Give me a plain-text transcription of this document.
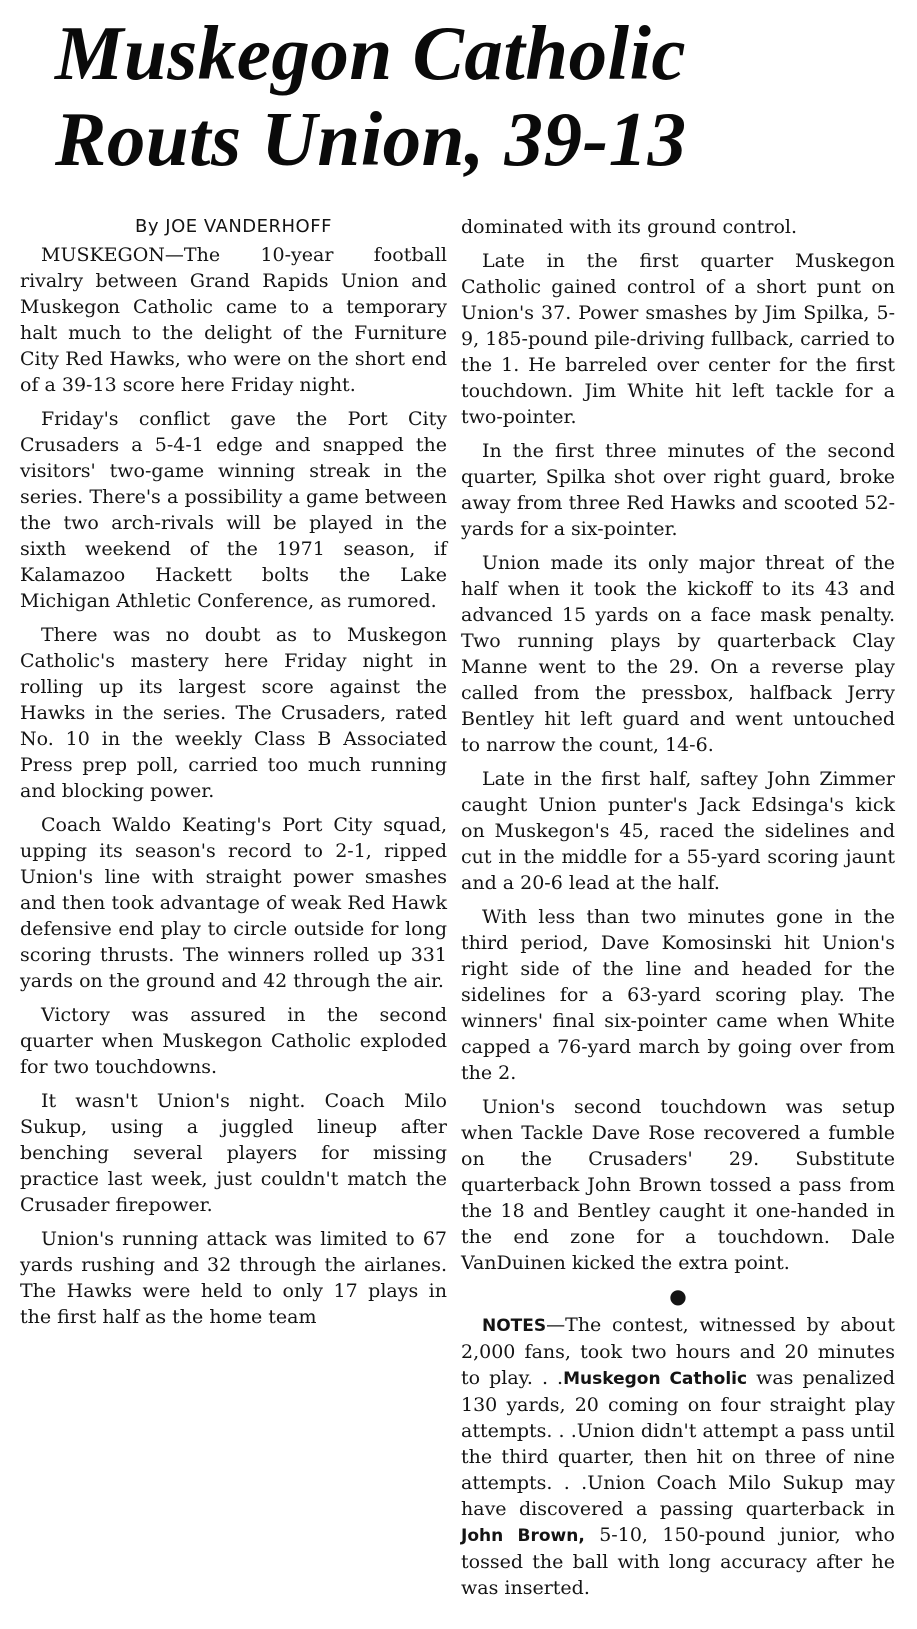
Muskegon Catholic
Routs Union, 39-13
By JOE VANDERHOFF

MUSKEGON—The 10-year football rivalry between Grand Rapids Union and Muskegon Catholic came to a temporary halt much to the delight of the Furniture City Red Hawks, who were on the short end of a 39-13 score here Friday night.

Friday's conflict gave the Port City Crusaders a 5-4-1 edge and snapped the visitors' two-game winning streak in the series. There's a possibility a game between the two arch-rivals will be played in the sixth weekend of the 1971 season, if Kalamazoo Hackett bolts the Lake Michigan Athletic Conference, as rumored.

There was no doubt as to Muskegon Catholic's mastery here Friday night in rolling up its largest score against the Hawks in the series. The Crusaders, rated No. 10 in the weekly Class B Associated Press prep poll, carried too much running and blocking power.

Coach Waldo Keating's Port City squad, upping its season's record to 2-1, ripped Union's line with straight power smashes and then took advantage of weak Red Hawk defensive end play to circle outside for long scoring thrusts. The winners rolled up 331 yards on the ground and 42 through the air.

Victory was assured in the second quarter when Muskegon Catholic exploded for two touchdowns.

It wasn't Union's night. Coach Milo Sukup, using a juggled lineup after benching several players for missing practice last week, just couldn't match the Crusader firepower.

Union's running attack was limited to 67 yards rushing and 32 through the airlanes. The Hawks were held to only 17 plays in the first half as the home team

dominated with its ground control.

Late in the first quarter Muskegon Catholic gained control of a short punt on Union's 37. Power smashes by Jim Spilka, 5-9, 185-pound pile-driving fullback, carried to the 1. He barreled over center for the first touchdown. Jim White hit left tackle for a two-pointer.

In the first three minutes of the second quarter, Spilka shot over right guard, broke away from three Red Hawks and scooted 52-yards for a six-pointer.

Union made its only major threat of the half when it took the kickoff to its 43 and advanced 15 yards on a face mask penalty. Two running plays by quarterback Clay Manne went to the 29. On a reverse play called from the pressbox, halfback Jerry Bentley hit left guard and went untouched to narrow the count, 14-6.

Late in the first half, saftey John Zimmer caught Union punter's Jack Edsinga's kick on Muskegon's 45, raced the sidelines and cut in the middle for a 55-yard scoring jaunt and a 20-6 lead at the half.

With less than two minutes gone in the third period, Dave Komosinski hit Union's right side of the line and headed for the sidelines for a 63-yard scoring play. The winners' final six-pointer came when White capped a 76-yard march by going over from the 2.

Union's second touchdown was setup when Tackle Dave Rose recovered a fumble on the Crusaders' 29. Substitute quarterback John Brown tossed a pass from the 18 and Bentley caught it one-handed in the end zone for a touchdown. Dale VanDuinen kicked the extra point.

●

NOTES—The contest, witnessed by about 2,000 fans, took two hours and 20 minutes to play. . .Muskegon Catholic was penalized 130 yards, 20 coming on four straight play attempts. . .Union didn't attempt a pass until the third quarter, then hit on three of nine attempts. . .Union Coach Milo Sukup may have discovered a passing quarterback in John Brown, 5-10, 150-pound junior, who tossed the ball with long accuracy after he was inserted.
